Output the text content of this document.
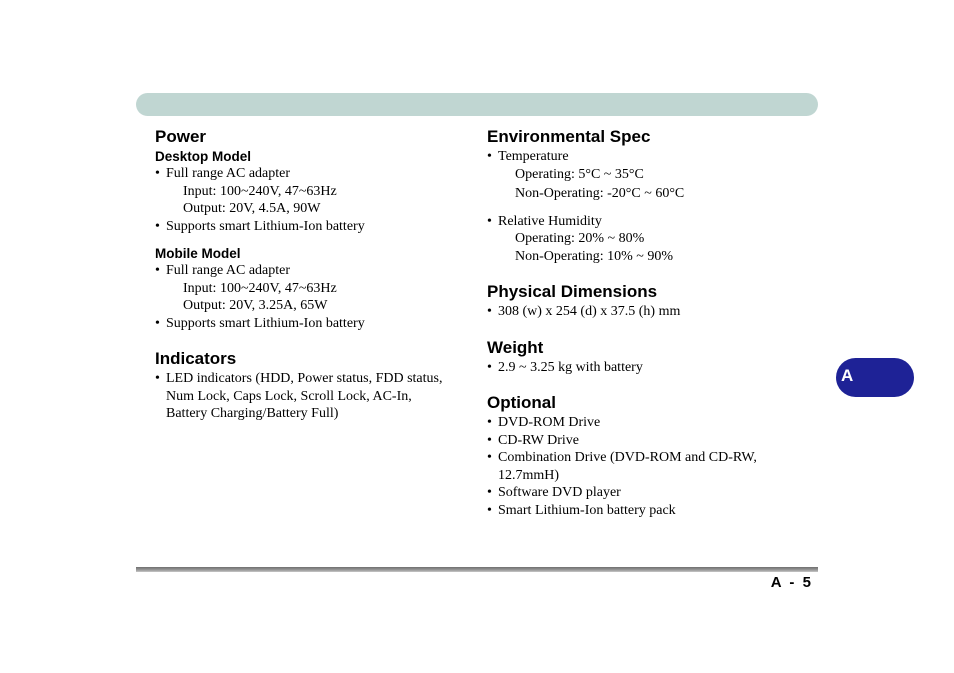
Power
Desktop Model
• Full range AC adapter
Input: 100~240V, 47~63Hz
Output: 20V, 4.5A, 90W
• Supports smart Lithium-Ion battery
Mobile Model
• Full range AC adapter
Input: 100~240V, 47~63Hz
Output: 20V, 3.25A, 65W
• Supports smart Lithium-Ion battery
Indicators
• LED indicators (HDD, Power status, FDD status,
Num Lock, Caps Lock, Scroll Lock, AC-In,
Battery Charging/Battery Full)
Environmental Spec
• Temperature
Operating: 5°C ~ 35°C
Non-Operating: -20°C ~ 60°C
• Relative Humidity
Operating: 20% ~ 80%
Non-Operating: 10% ~ 90%
Physical Dimensions
• 308 (w) x 254 (d) x 37.5 (h) mm
Weight
• 2.9 ~ 3.25 kg with battery
Optional
• DVD-ROM Drive
• CD-RW Drive
• Combination Drive (DVD-ROM and CD-RW, 12.7mmH)
• Software DVD player
• Smart Lithium-Ion battery pack
A
A  -  5
